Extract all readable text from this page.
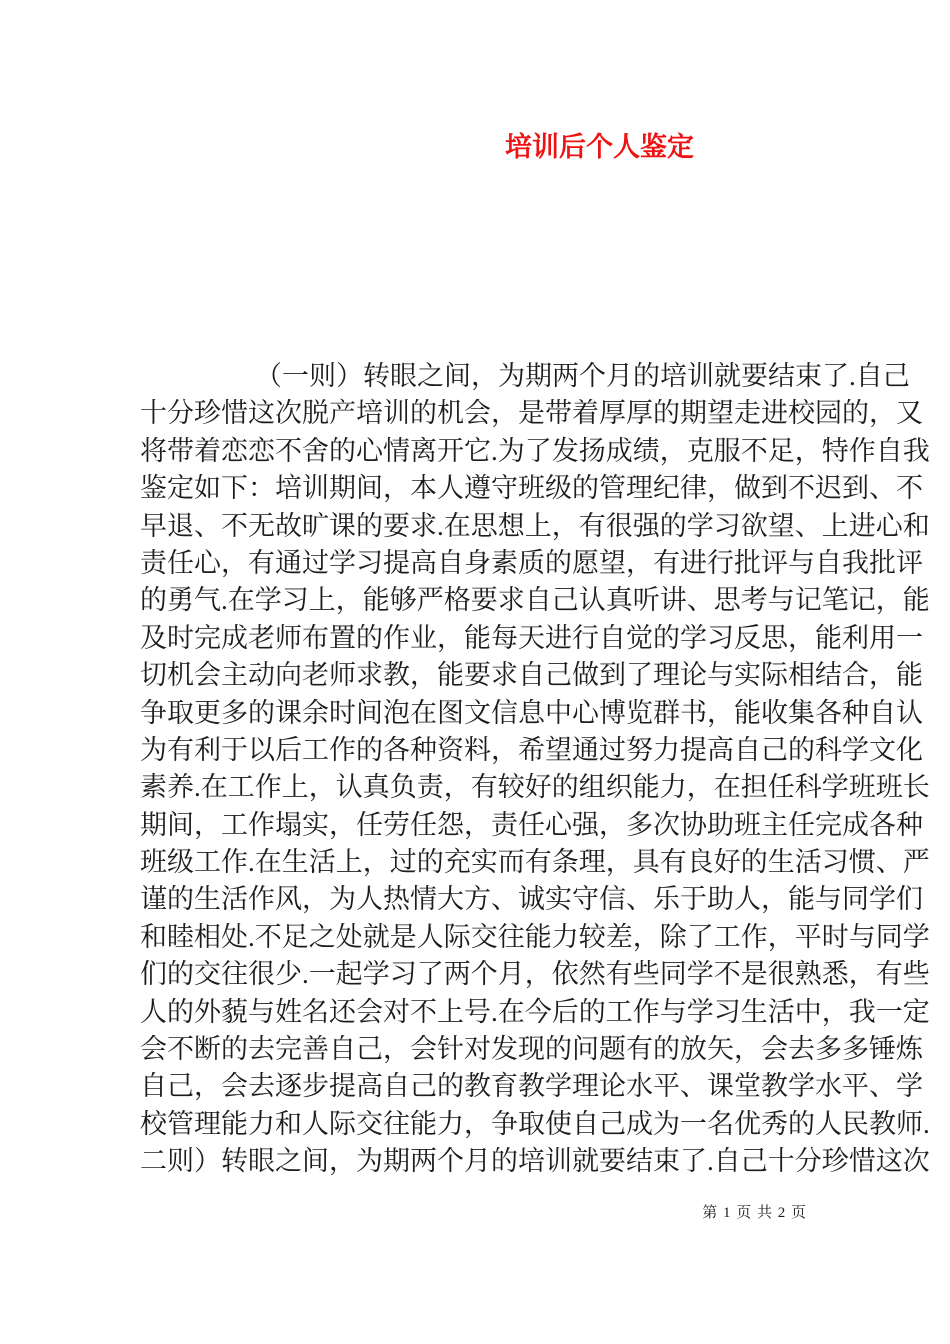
培训后个人鉴定
（一则）转眼之间，为期两个月的培训就要结束了.自己
十分珍惜这次脱产培训的机会，是带着厚厚的期望走进校园的，又
将带着恋恋不舍的心情离开它.为了发扬成绩，克服不足，特作自我
鉴定如下：培训期间，本人遵守班级的管理纪律，做到不迟到、不
早退、不无故旷课的要求.在思想上，有很强的学习欲望、上进心和
责任心，有通过学习提高自身素质的愿望，有进行批评与自我批评
的勇气.在学习上，能够严格要求自己认真听讲、思考与记笔记，能
及时完成老师布置的作业，能每天进行自觉的学习反思，能利用一
切机会主动向老师求教，能要求自己做到了理论与实际相结合，能
争取更多的课余时间泡在图文信息中心博览群书，能收集各种自认
为有利于以后工作的各种资料，希望通过努力提高自己的科学文化
素养.在工作上，认真负责，有较好的组织能力，在担任科学班班长
期间，工作塌实，任劳任怨，责任心强，多次协助班主任完成各种
班级工作.在生活上，过的充实而有条理，具有良好的生活习惯、严
谨的生活作风，为人热情大方、诚实守信、乐于助人，能与同学们
和睦相处.不足之处就是人际交往能力较差，除了工作，平时与同学
们的交往很少.一起学习了两个月，依然有些同学不是很熟悉，有些
人的外藐与姓名还会对不上号.在今后的工作与学习生活中，我一定
会不断的去完善自己，会针对发现的问题有的放矢，会去多多锤炼
自己，会去逐步提高自己的教育教学理论水平、课堂教学水平、学
校管理能力和人际交往能力，争取使自己成为一名优秀的人民教师.
二则）转眼之间，为期两个月的培训就要结束了.自己十分珍惜这次
第 1 页 共 2 页
